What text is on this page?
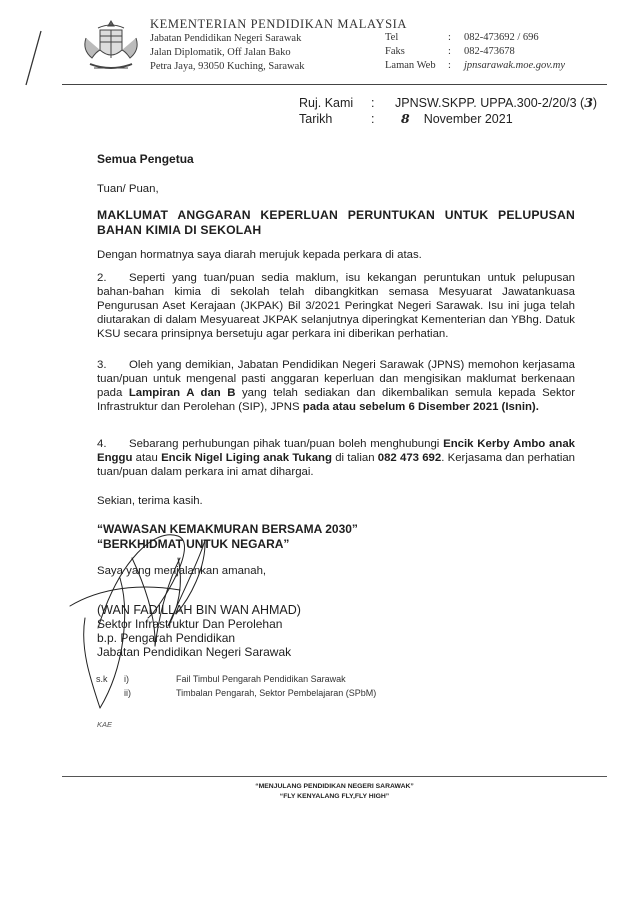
KEMENTERIAN PENDIDIKAN MALAYSIA
Jabatan Pendidikan Negeri Sarawak
Jalan Diplomatik, Off Jalan Bako
Petra Jaya, 93050 Kuching, Sarawak
Tel	: 082-473692 / 696
Faks	: 082-473678
Laman Web : jpnsarawak.moe.gov.my
Ruj. Kami : JPNSW.SKPP. UPPA.300-2/20/3 (3)
Tarikh	: 8 November 2021
Semua Pengetua
Tuan/ Puan,
MAKLUMAT ANGGARAN KEPERLUAN PERUNTUKAN UNTUK PELUPUSAN BAHAN KIMIA DI SEKOLAH
Dengan hormatnya saya diarah merujuk kepada perkara di atas.
2. Seperti yang tuan/puan sedia maklum, isu kekangan peruntukan untuk pelupusan bahan-bahan kimia di sekolah telah dibangkitkan semasa Mesyuarat Jawatankuasa Pengurusan Aset Kerajaan (JKPAK) Bil 3/2021 Peringkat Negeri Sarawak. Isu ini juga telah diutarakan di dalam Mesyuareat JKPAK selanjutnya diperingkat Kementerian dan YBhg. Datuk KSU secara prinsipnya bersetuju agar perkara ini diberikan perhatian.
3. Oleh yang demikian, Jabatan Pendidikan Negeri Sarawak (JPNS) memohon kerjasama tuan/puan untuk mengenal pasti anggaran keperluan dan mengisikan maklumat berkenaan pada Lampiran A dan B yang telah sediakan dan dikembalikan semula kepada Sektor Infrastruktur dan Perolehan (SIP), JPNS pada atau sebelum 6 Disember 2021 (Isnin).
4. Sebarang perhubungan pihak tuan/puan boleh menghubungi Encik Kerby Ambo anak Enggu atau Encik Nigel Liging anak Tukang di talian 082 473 692. Kerjasama dan perhatian tuan/puan dalam perkara ini amat dihargai.
Sekian, terima kasih.
“WAWASAN KEMAKMURAN BERSAMA 2030”
“BERKHIDMAT UNTUK NEGARA”
Saya yang menjalankan amanah,
(WAN FADILLAH BIN WAN AHMAD)
Sektor Infrastruktur Dan Perolehan
b.p. Pengarah Pendidikan
Jabatan Pendidikan Negeri Sarawak
s.k i)	Fail Timbul Pengarah Pendidikan Sarawak
ii)	Timbalan Pengarah, Sektor Pembelajaran (SPbM)
KAE
“MENJULANG PENDIDIKAN NEGERI SARAWAK”
“FLY KENYALANG FLY,FLY HIGH”
